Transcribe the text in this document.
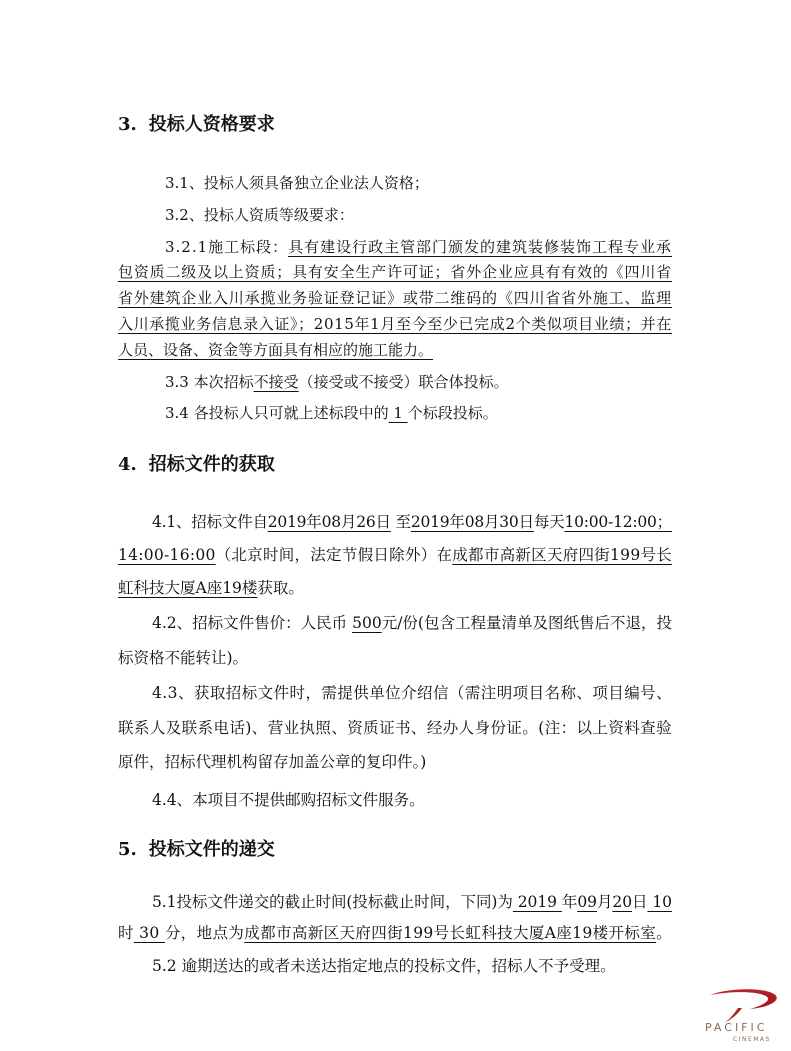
3. 投标人资格要求
3.1、投标人须具备独立企业法人资格；
3.2、投标人资质等级要求：
3.2.1施工标段：具有建设行政主管部门颁发的建筑装修装饰工程专业承
包资质二级及以上资质；具有安全生产许可证；省外企业应具有有效的《四川省
省外建筑企业入川承揽业务验证登记证》或带二维码的《四川省省外施工、监理
入川承揽业务信息录入证》；2015年1月至今至少已完成2个类似项目业绩；并在
人员、设备、资金等方面具有相应的施工能力。
3.3 本次招标不接受（接受或不接受）联合体投标。
3.4 各投标人只可就上述标段中的 1 个标段投标。
4. 招标文件的获取
4.1、招标文件自2019年08月26日 至2019年08月30日每天10:00-12:00；
14:00-16:00（北京时间，法定节假日除外）在成都市高新区天府四街199号长
虹科技大厦A座19楼获取。
4.2、招标文件售价：人民币 500元/份(包含工程量清单及图纸售后不退，投
标资格不能转让)。
4.3、获取招标文件时，需提供单位介绍信（需注明项目名称、项目编号、
联系人及联系电话)、营业执照、资质证书、经办人身份证。(注：以上资料查验
原件，招标代理机构留存加盖公章的复印件。)
4.4、本项目不提供邮购招标文件服务。
5. 投标文件的递交
5.1投标文件递交的截止时间(投标截止时间，下同)为 2019 年09月20日 10
时 30 分，地点为成都市高新区天府四街199号长虹科技大厦A座19楼开标室。
5.2 逾期送达的或者未送达指定地点的投标文件，招标人不予受理。
PACIFIC
CINEMAS
